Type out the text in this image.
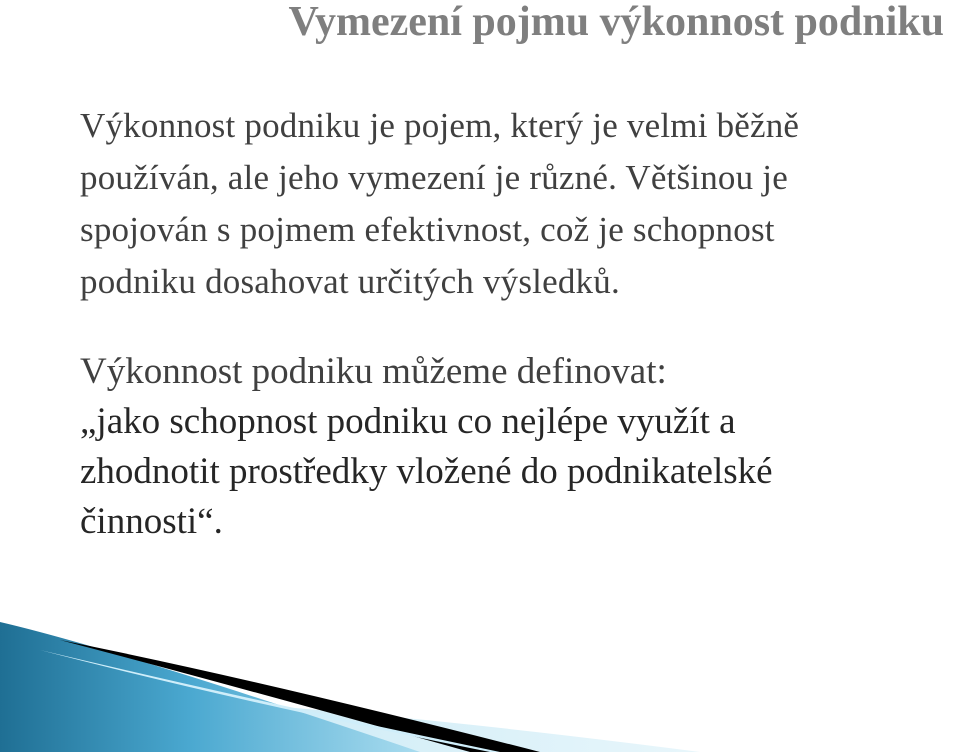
Vymezení pojmu výkonnost podniku
Výkonnost podniku je pojem, který je velmi běžně
používán, ale jeho vymezení je různé. Většinou je
spojován s pojmem efektivnost, což je schopnost
podniku dosahovat určitých výsledků.
Výkonnost podniku můžeme definovat:
„jako schopnost podniku co nejlépe využít a
zhodnotit prostředky vložené do podnikatelské
činnosti“.
